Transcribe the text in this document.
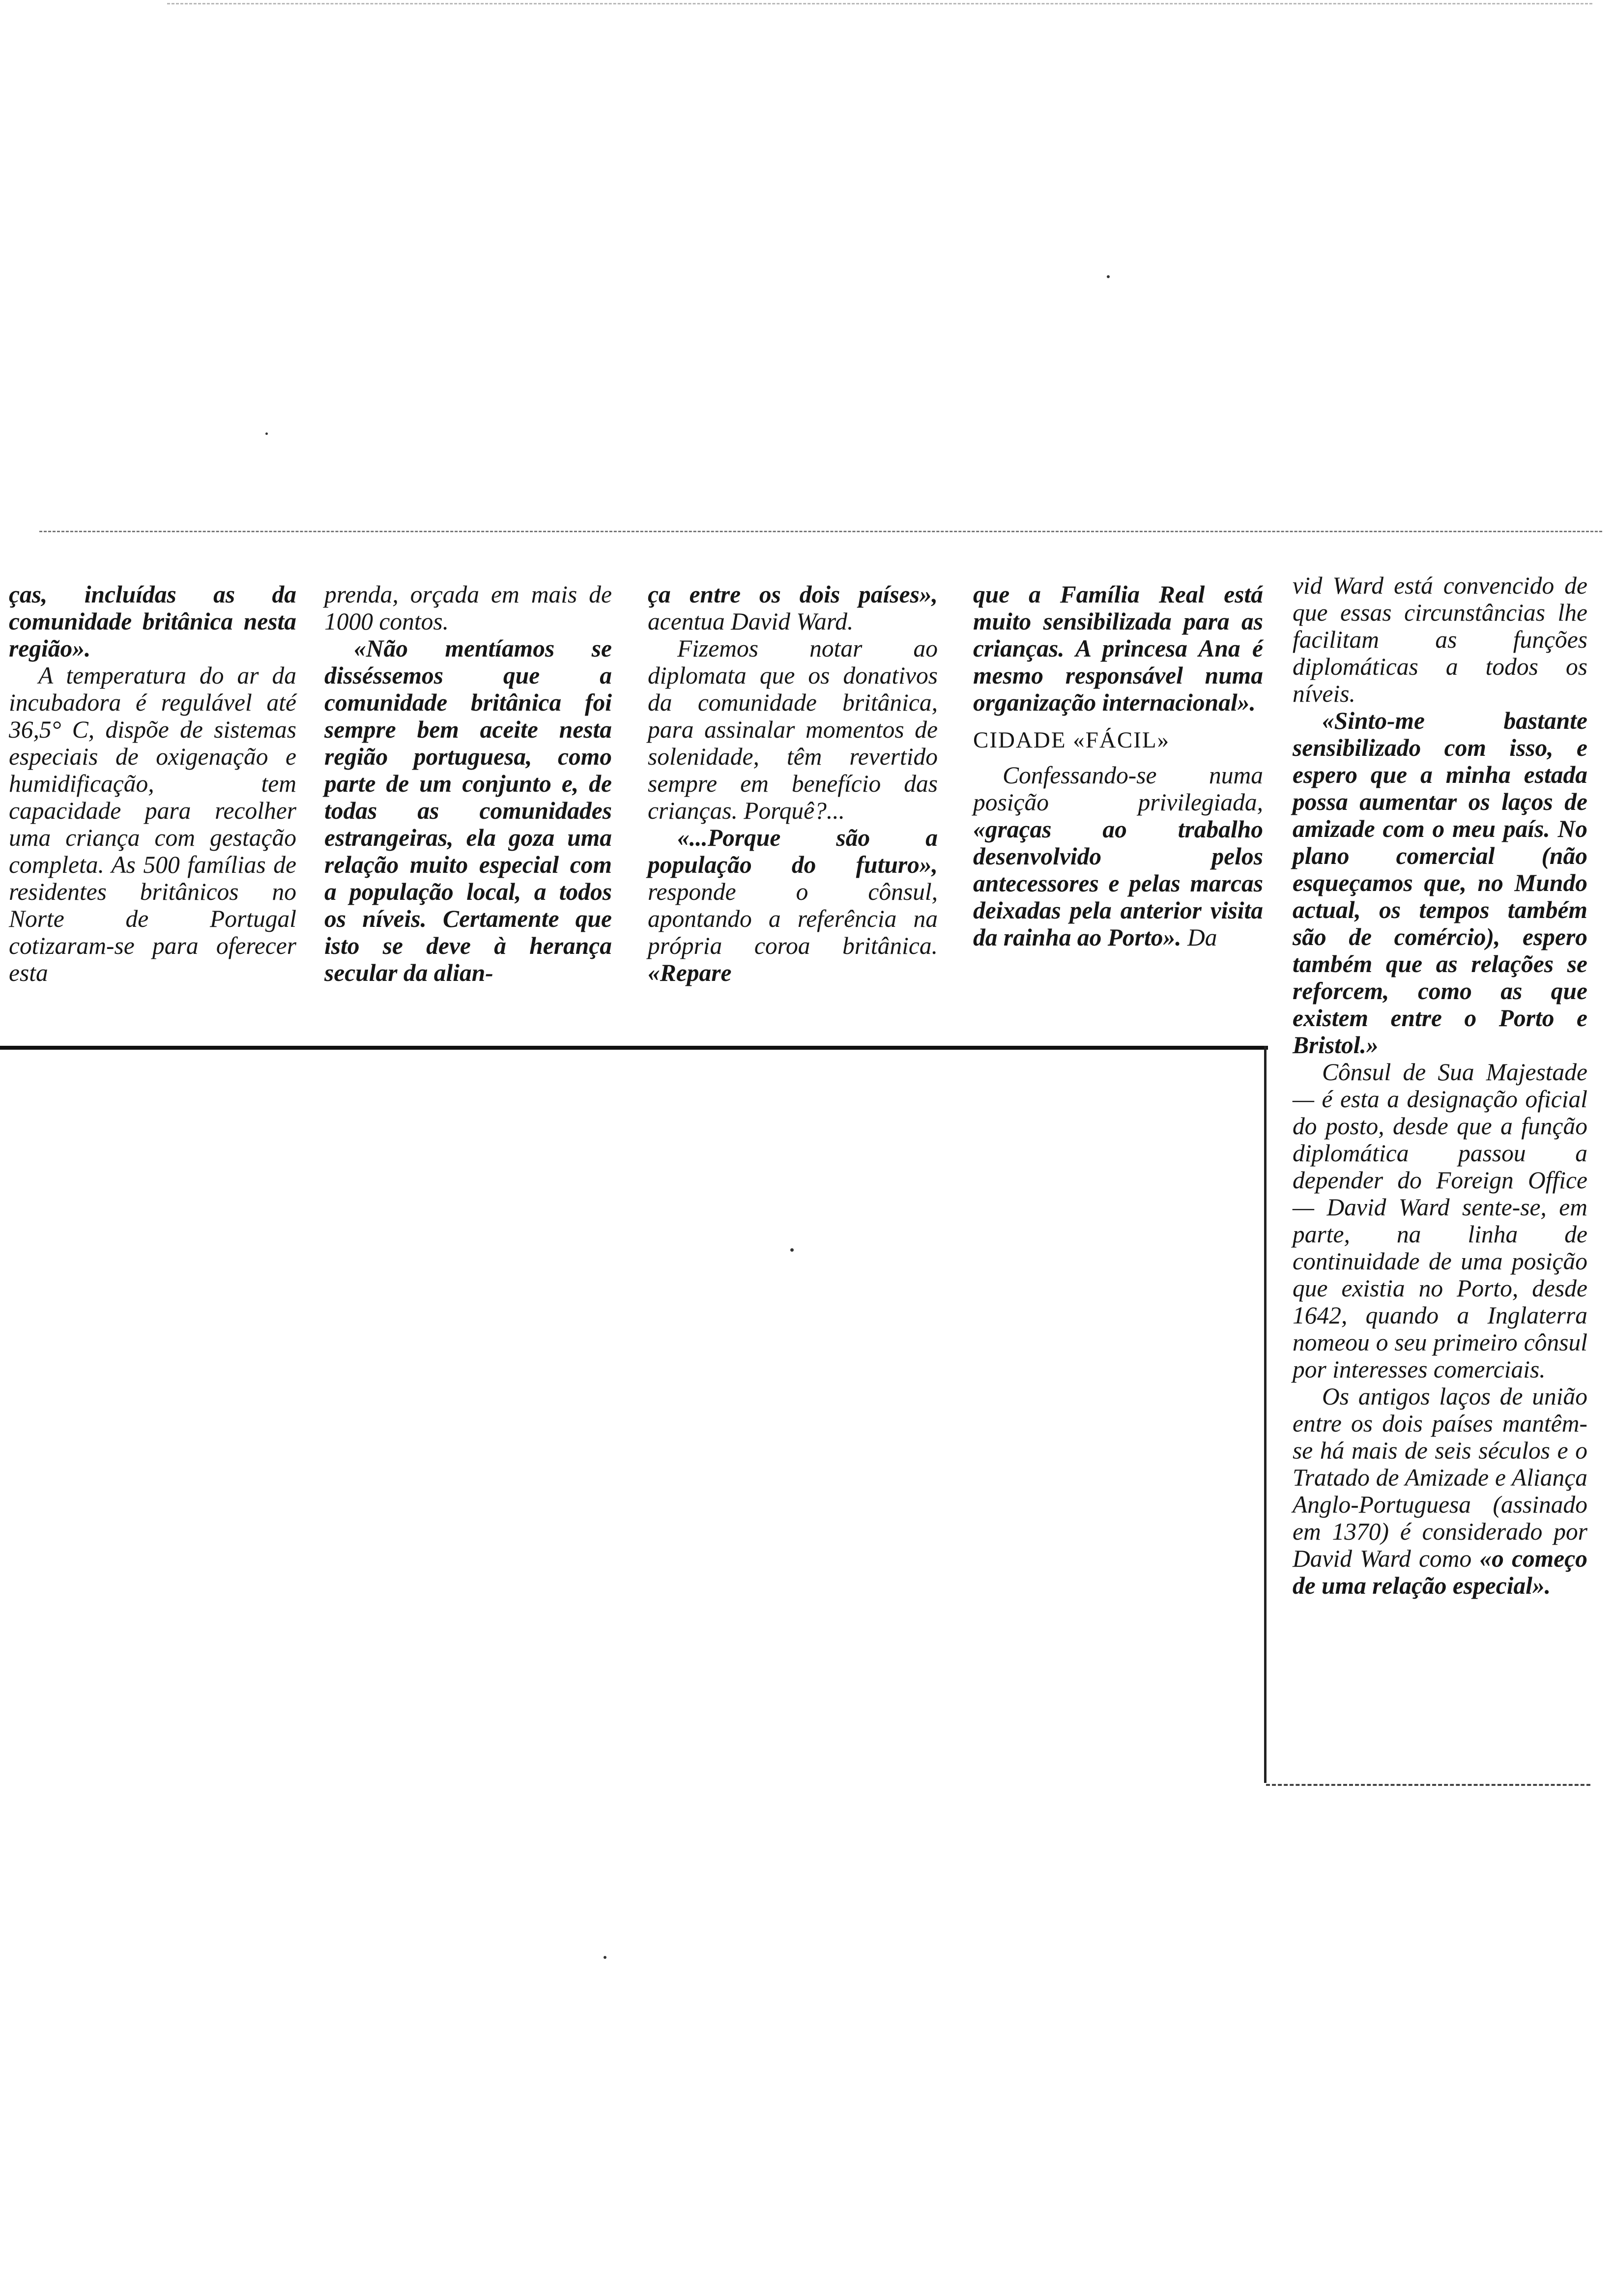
ças, incluídas as da comunidade britânica nesta região».

A temperatura do ar da incubadora é regulável até 36,5° C, dispõe de sistemas especiais de oxigenação e humidificação, tem capacidade para recolher uma criança com gestação completa. As 500 famílias de residentes britânicos no Norte de Portugal cotizaram-se para oferecer esta

prenda, orçada em mais de 1000 contos.

«Não mentíamos se disséssemos que a comunidade britânica foi sempre bem aceite nesta região portuguesa, como parte de um conjunto e, de todas as comunidades estrangeiras, ela goza uma relação muito especial com a população local, a todos os níveis. Certamente que isto se deve à herança secular da alian-

ça entre os dois países», acentua David Ward.

Fizemos notar ao diplomata que os donativos da comunidade britânica, para assinalar momentos de solenidade, têm revertido sempre em benefício das crianças. Porquê?...

«...Porque são a população do futuro», responde o cônsul, apontando a referência na própria coroa britânica. «Repare

que a Família Real está muito sensibilizada para as crianças. A princesa Ana é mesmo responsável numa organização internacional».

CIDADE «FÁCIL»

Confessando-se numa posição privilegiada, «graças ao trabalho desenvolvido pelos antecessores e pelas marcas deixadas pela anterior visita da rainha ao Porto». Da

vid Ward está convencido de que essas circunstâncias lhe facilitam as funções diplomáticas a todos os níveis.

«Sinto-me bastante sensibilizado com isso, e espero que a minha estada possa aumentar os laços de amizade com o meu país. No plano comercial (não esqueçamos que, no Mundo actual, os tempos também são de comércio), espero também que as relações se reforcem, como as que existem entre o Porto e Bristol.»

Cônsul de Sua Majestade — é esta a designação oficial do posto, desde que a função diplomática passou a depender do Foreign Office — David Ward sente-se, em parte, na linha de continuidade de uma posição que existia no Porto, desde 1642, quando a Inglaterra nomeou o seu primeiro cônsul por interesses comerciais.

Os antigos laços de união entre os dois países mantêm-se há mais de seis séculos e o Tratado de Amizade e Aliança Anglo-Portuguesa (assinado em 1370) é considerado por David Ward como «o começo de uma relação especial».
